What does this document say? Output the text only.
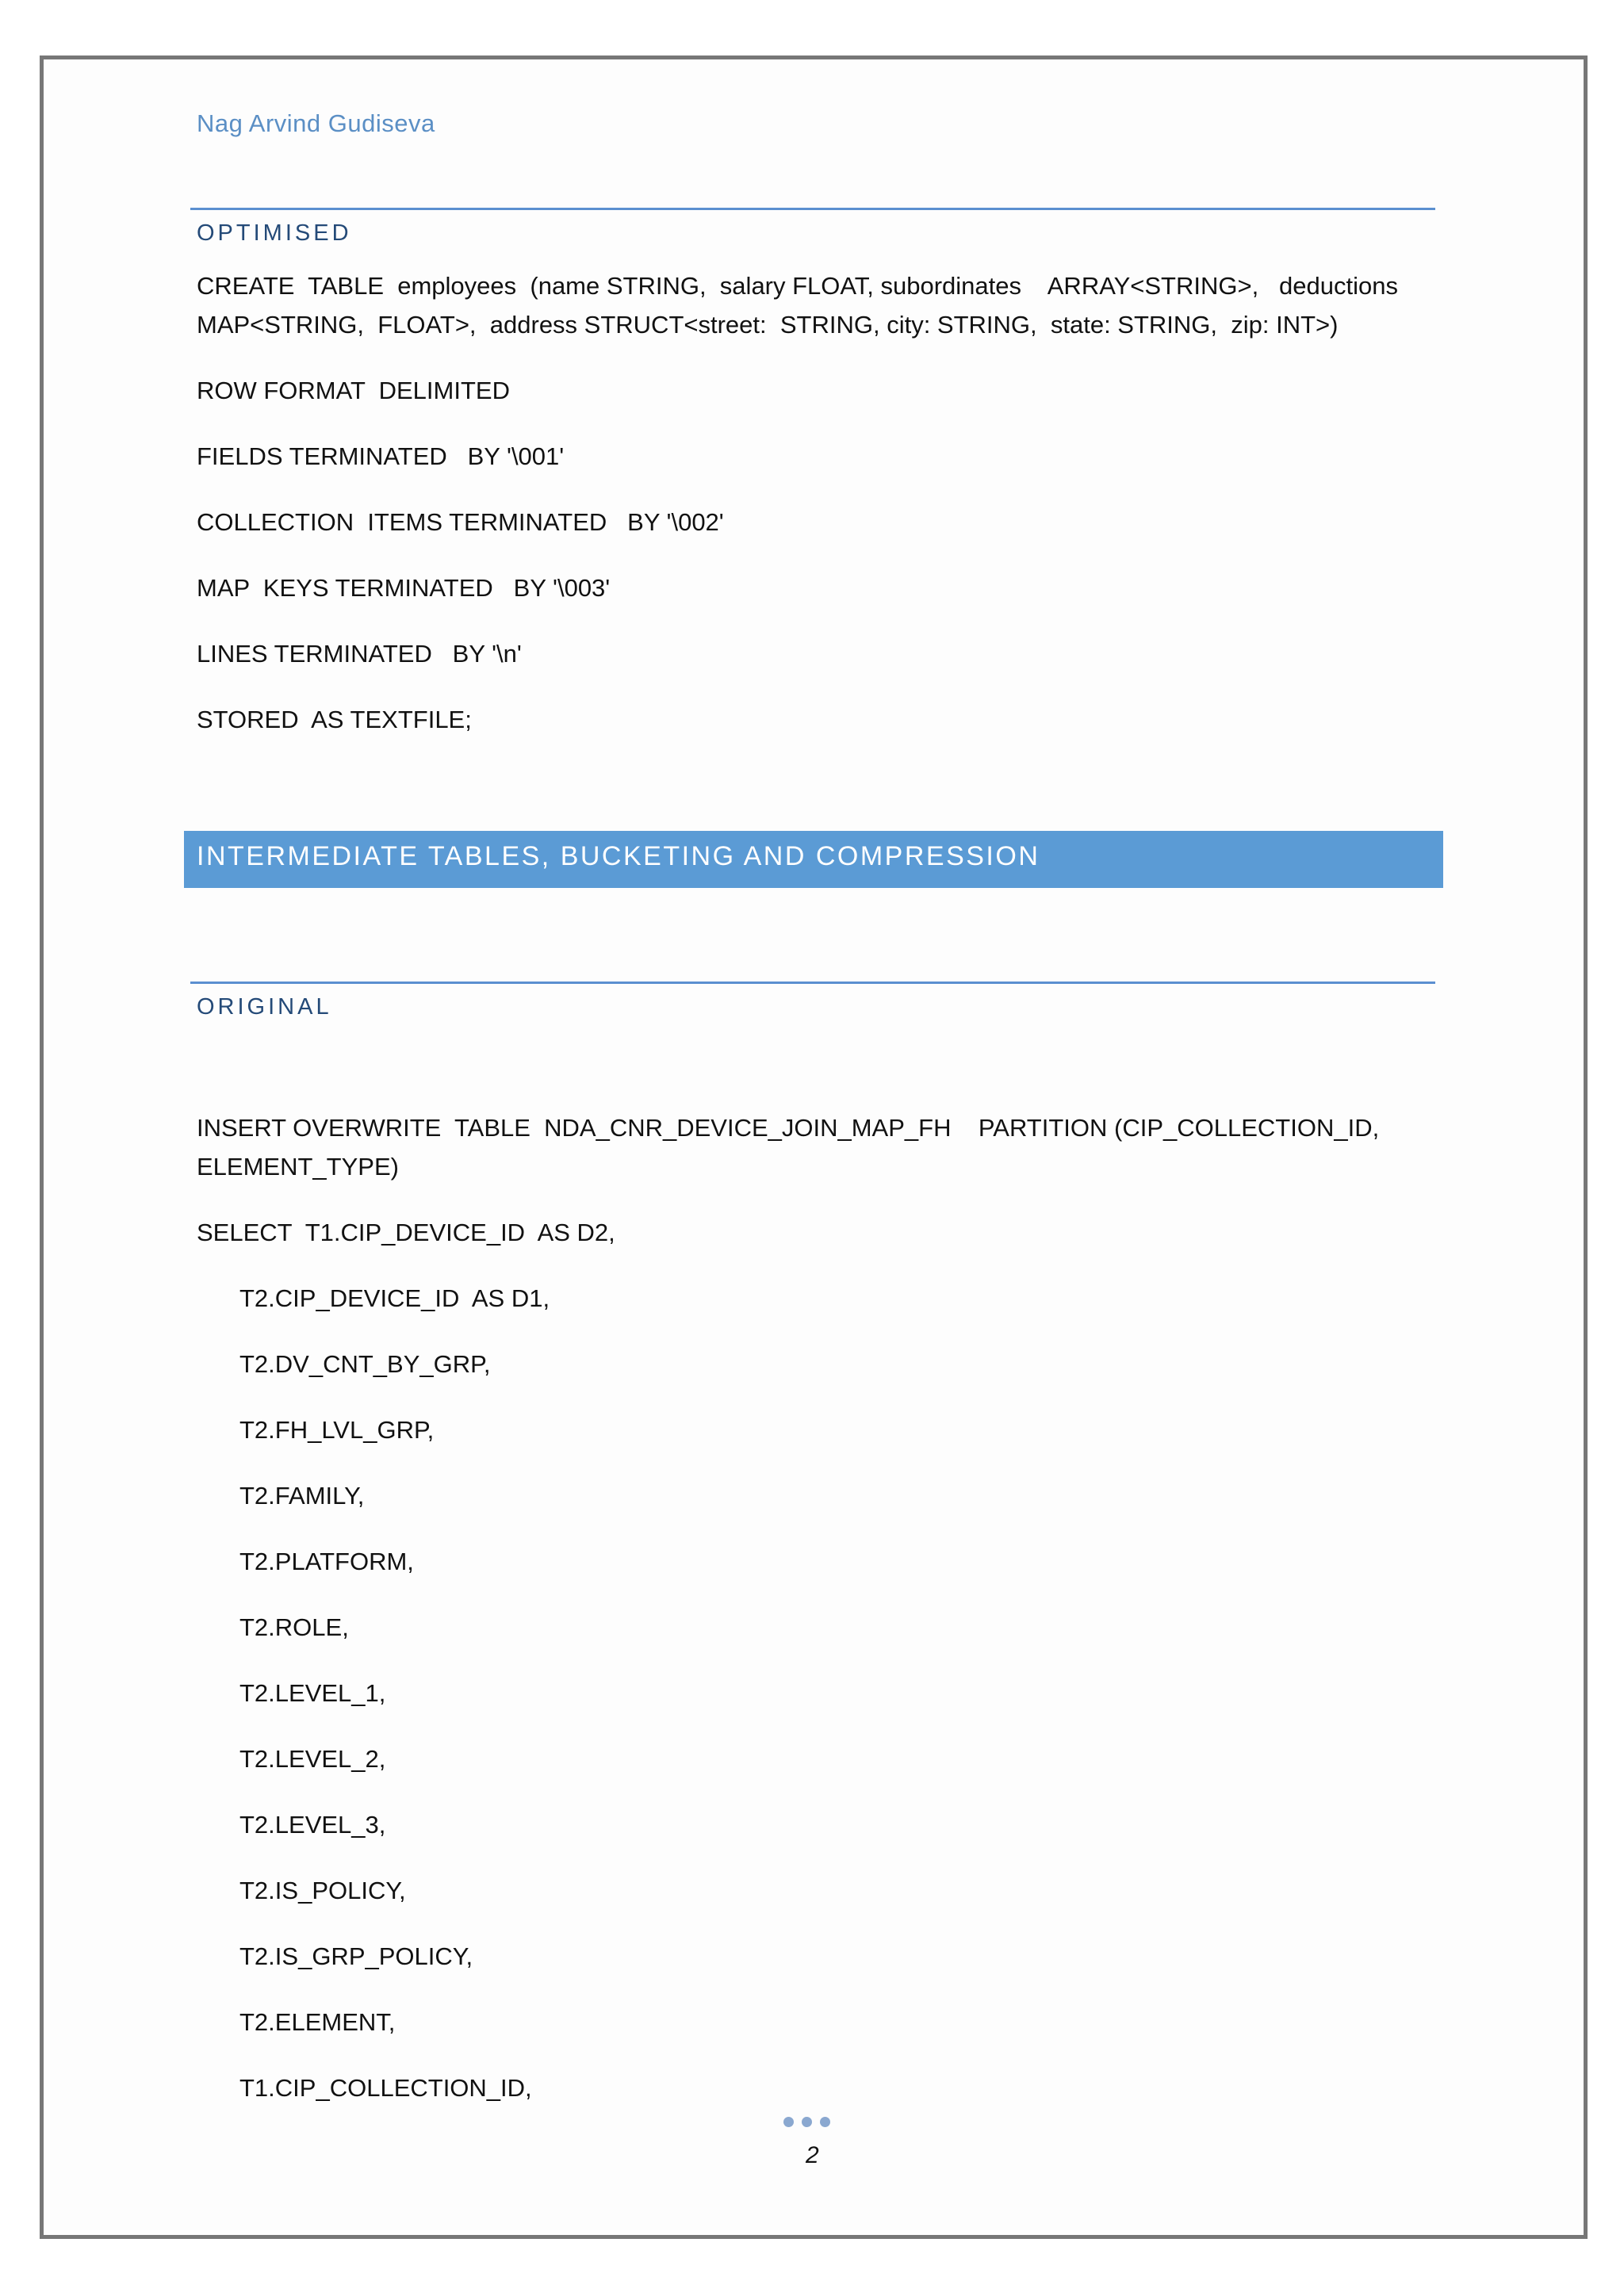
Nag Arvind Gudiseva
OPTIMISED
CREATE  TABLE  employees  (name STRING,  salary FLOAT, subordinates    ARRAY<STRING>,   deductions
MAP<STRING,  FLOAT>,  address STRUCT<street:  STRING, city: STRING,  state: STRING,  zip: INT>)
ROW FORMAT  DELIMITED
FIELDS TERMINATED   BY '\001'
COLLECTION  ITEMS TERMINATED   BY '\002'
MAP  KEYS TERMINATED   BY '\003'
LINES TERMINATED   BY '\n'
STORED  AS TEXTFILE;
INTERMEDIATE TABLES, BUCKETING AND COMPRESSION
ORIGINAL
INSERT OVERWRITE  TABLE  NDA_CNR_DEVICE_JOIN_MAP_FH    PARTITION (CIP_COLLECTION_ID,
ELEMENT_TYPE)
SELECT  T1.CIP_DEVICE_ID  AS D2,
T2.CIP_DEVICE_ID  AS D1,
T2.DV_CNT_BY_GRP,
T2.FH_LVL_GRP,
T2.FAMILY,
T2.PLATFORM,
T2.ROLE,
T2.LEVEL_1,
T2.LEVEL_2,
T2.LEVEL_3,
T2.IS_POLICY,
T2.IS_GRP_POLICY,
T2.ELEMENT,
T1.CIP_COLLECTION_ID,
2
